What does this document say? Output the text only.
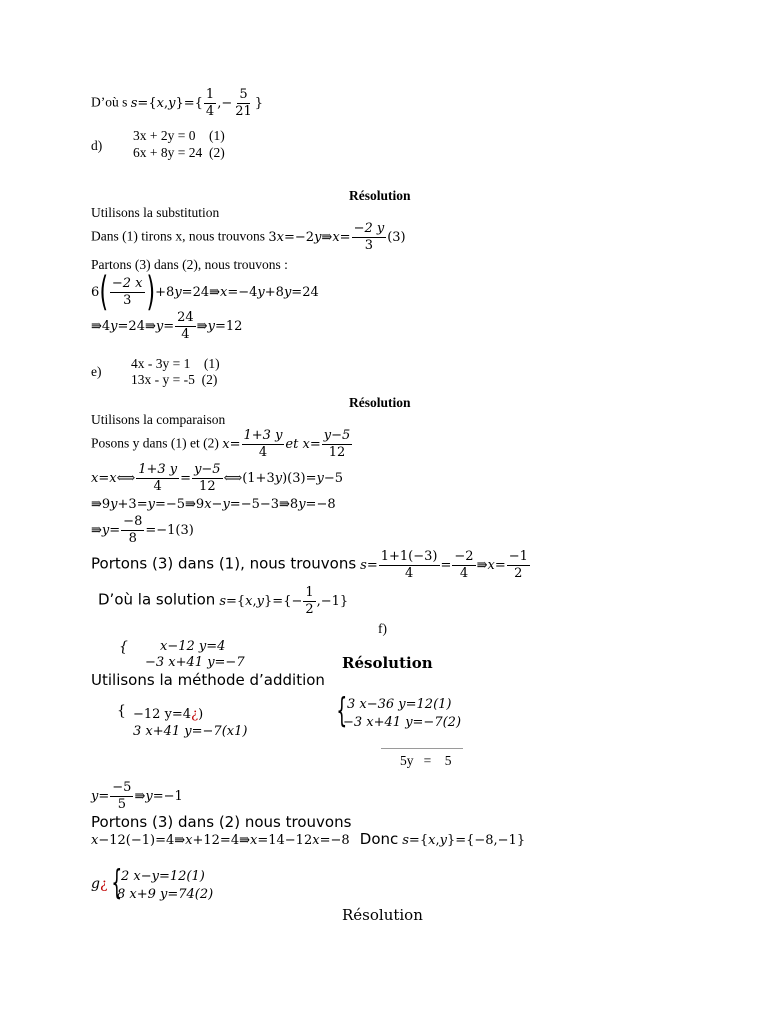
D’où s $s=\{x,y\}=\{ \frac{1}{4}$ ,− $\frac{5}{21}$ }
d)
3x + 2y = 0    (1)
6x + 8y = 24  (2)
Résolution
Utilisons la substitution
Dans (1) tirons x, nous trouvons 3x=−2y⇛x= $\frac{-2 y}{3} (3)$
Partons (3) dans (2), nous trouvons :
$6( \frac{-2 x}{3}$ )+8y=24⇛x=−4y+8y=24
⇛4y=24⇛y= $\frac{24}{4}$ ⇛y=12
e)
4x - 3y = 1    (1)
13x - y = -5  (2)
Résolution
Utilisons la comparaison
Posons y dans (1) et (2) $x= \frac{1+3 y}{4}$ et $x= \frac{y-5}{12}$
x=x⟺ $\frac{1+3 y}{4} = \frac{y-5}{12}$ ⟺(1+3y)(3)=y−5
⇛9y+3=y=−5⇛9x−y=−5−3⇛8y=−8
⇛y= $\frac{-8}{8} =-1(3)$
Portons (3) dans (1), nous trouvons $s= \frac{1+1(-3)}{4} = \frac{-2}{4}$ ⇛x= $\frac{-1}{2}$
D’où la solution $s=\{x,y\}=\{- \frac{1}{2} ,-1\}$
f)
{ x−12 y=4
−3 x+41 y=−7	Résolution
Utilisons la méthode d’addition
{ −12 y=4¿)
3 x+41 y=−7(x1)
{ 3 x−36 y=12(1)
−3 x+41 y=−7(2)
5y = 5
$y= \frac{-5}{5}$ ⇛y=−1
Portons (3) dans (2) nous trouvons
x−12(−1)=4⇛x+12=4⇛x=14−12x=−8 Donc s={x,y}={−8,−1}
g¿ {
2 x−y=12(1)
8 x+9 y=74(2)
Résolution
